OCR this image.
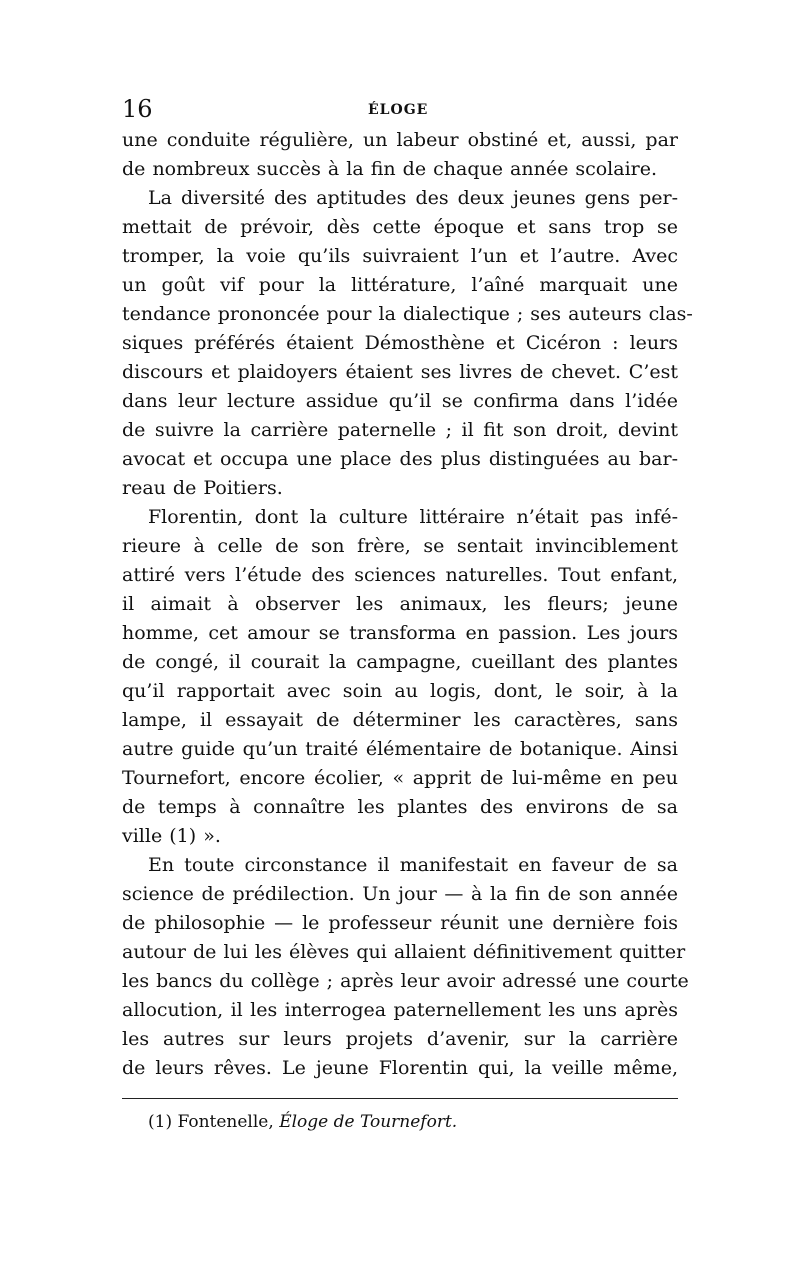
16	ÉLOGE
une conduite régulière, un labeur obstiné et, aussi, par
de nombreux succès à la fin de chaque année scolaire.
La diversité des aptitudes des deux jeunes gens per-
mettait de prévoir, dès cette époque et sans trop se
tromper, la voie qu’ils suivraient l’un et l’autre. Avec
un goût vif pour la littérature, l’aîné marquait une
tendance prononcée pour la dialectique ; ses auteurs clas-
siques préférés étaient Démosthène et Cicéron : leurs
discours et plaidoyers étaient ses livres de chevet. C’est
dans leur lecture assidue qu’il se confirma dans l’idée
de suivre la carrière paternelle ; il fit son droit, devint
avocat et occupa une place des plus distinguées au bar-
reau de Poitiers.
Florentin, dont la culture littéraire n’était pas infé-
rieure à celle de son frère, se sentait invinciblement
attiré vers l’étude des sciences naturelles. Tout enfant,
il aimait à observer les animaux, les fleurs; jeune
homme, cet amour se transforma en passion. Les jours
de congé, il courait la campagne, cueillant des plantes
qu’il rapportait avec soin au logis, dont, le soir, à la
lampe, il essayait de déterminer les caractères, sans
autre guide qu’un traité élémentaire de botanique. Ainsi
Tournefort, encore écolier, « apprit de lui-même en peu
de temps à connaître les plantes des environs de sa
ville (1) ».
En toute circonstance il manifestait en faveur de sa
science de prédilection. Un jour — à la fin de son année
de philosophie — le professeur réunit une dernière fois
autour de lui les élèves qui allaient définitivement quitter
les bancs du collège ; après leur avoir adressé une courte
allocution, il les interrogea paternellement les uns après
les autres sur leurs projets d’avenir, sur la carrière
de leurs rêves. Le jeune Florentin qui, la veille même,
(1) Fontenelle, Éloge de Tournefort.
